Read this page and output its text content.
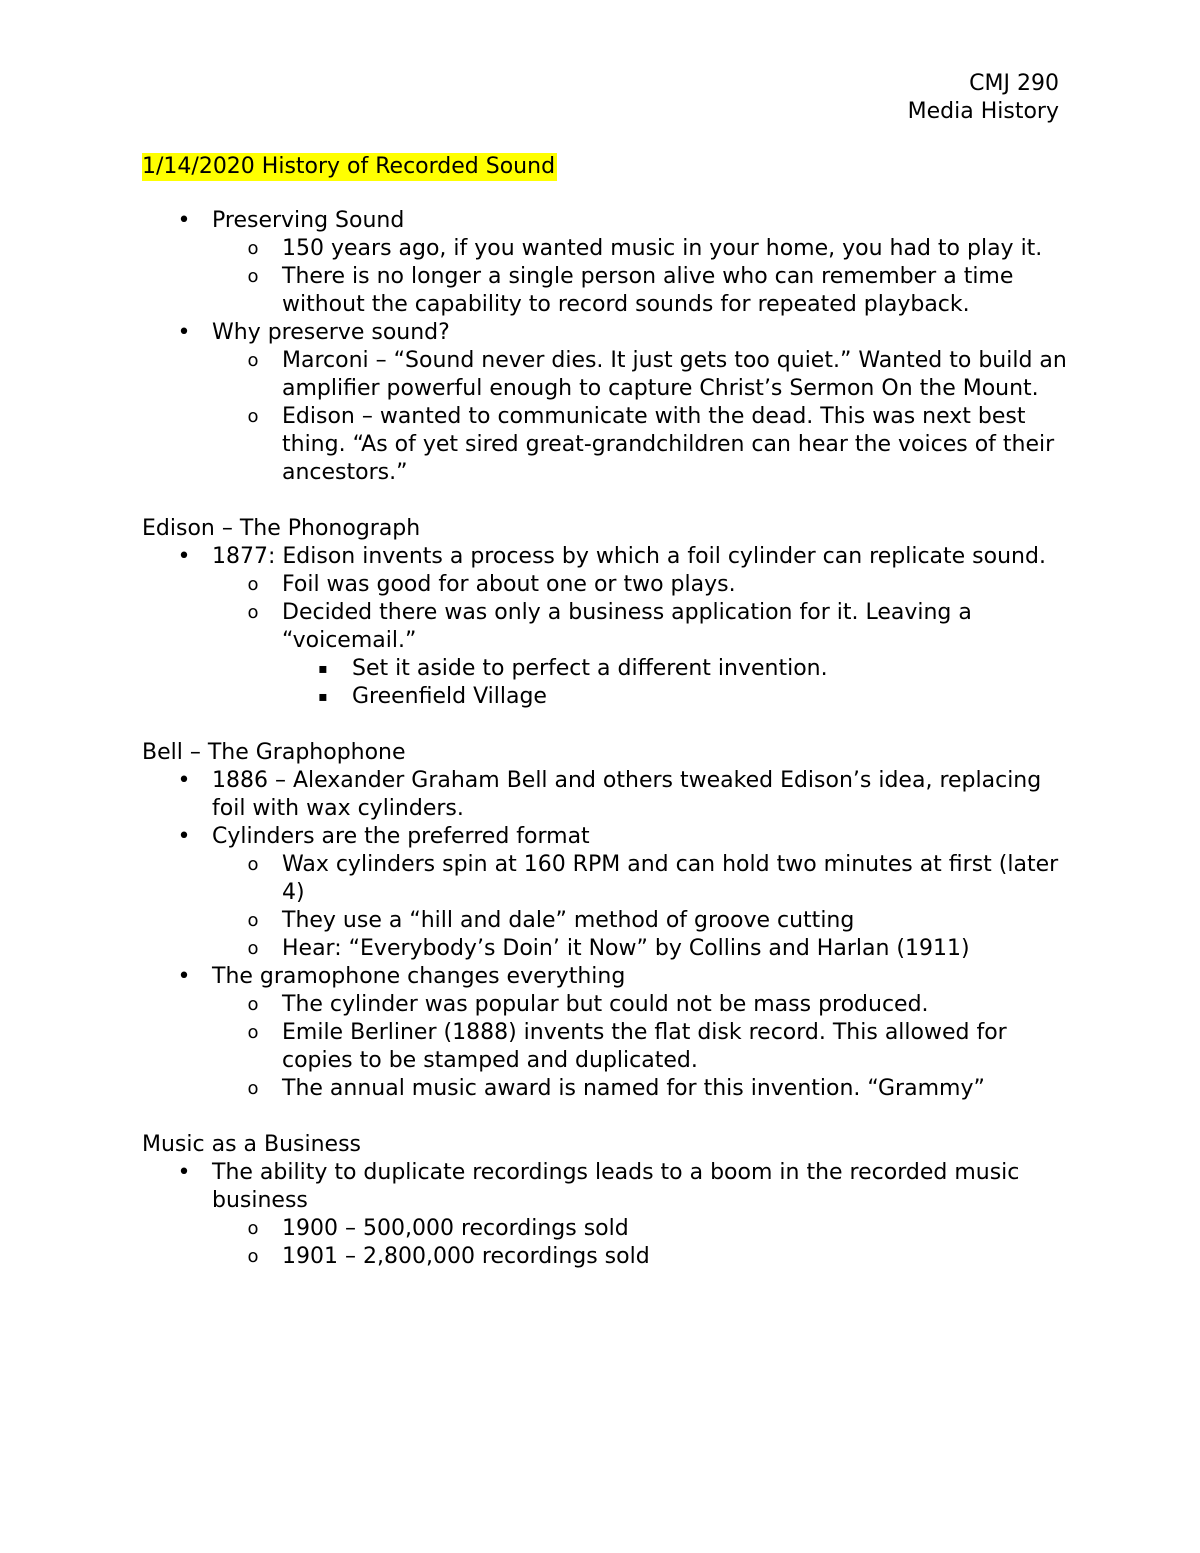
CMJ 290
Media History
1/14/2020 History of Recorded Sound
• Preserving Sound
o 150 years ago, if you wanted music in your home, you had to play it.
o There is no longer a single person alive who can remember a time without the capability to record sounds for repeated playback.
• Why preserve sound?
o Marconi – “Sound never dies. It just gets too quiet.” Wanted to build an amplifier powerful enough to capture Christ’s Sermon On the Mount.
o Edison – wanted to communicate with the dead. This was next best thing. “As of yet sired great-grandchildren can hear the voices of their ancestors.”
Edison – The Phonograph
• 1877: Edison invents a process by which a foil cylinder can replicate sound.
o Foil was good for about one or two plays.
o Decided there was only a business application for it. Leaving a “voicemail.”
▪ Set it aside to perfect a different invention.
▪ Greenfield Village
Bell – The Graphophone
• 1886 – Alexander Graham Bell and others tweaked Edison’s idea, replacing foil with wax cylinders.
• Cylinders are the preferred format
o Wax cylinders spin at 160 RPM and can hold two minutes at first (later 4)
o They use a “hill and dale” method of groove cutting
o Hear: “Everybody’s Doin’ it Now” by Collins and Harlan (1911)
• The gramophone changes everything
o The cylinder was popular but could not be mass produced.
o Emile Berliner (1888) invents the flat disk record. This allowed for copies to be stamped and duplicated.
o The annual music award is named for this invention. “Grammy”
Music as a Business
• The ability to duplicate recordings leads to a boom in the recorded music business
o 1900 – 500,000 recordings sold
o 1901 – 2,800,000 recordings sold
